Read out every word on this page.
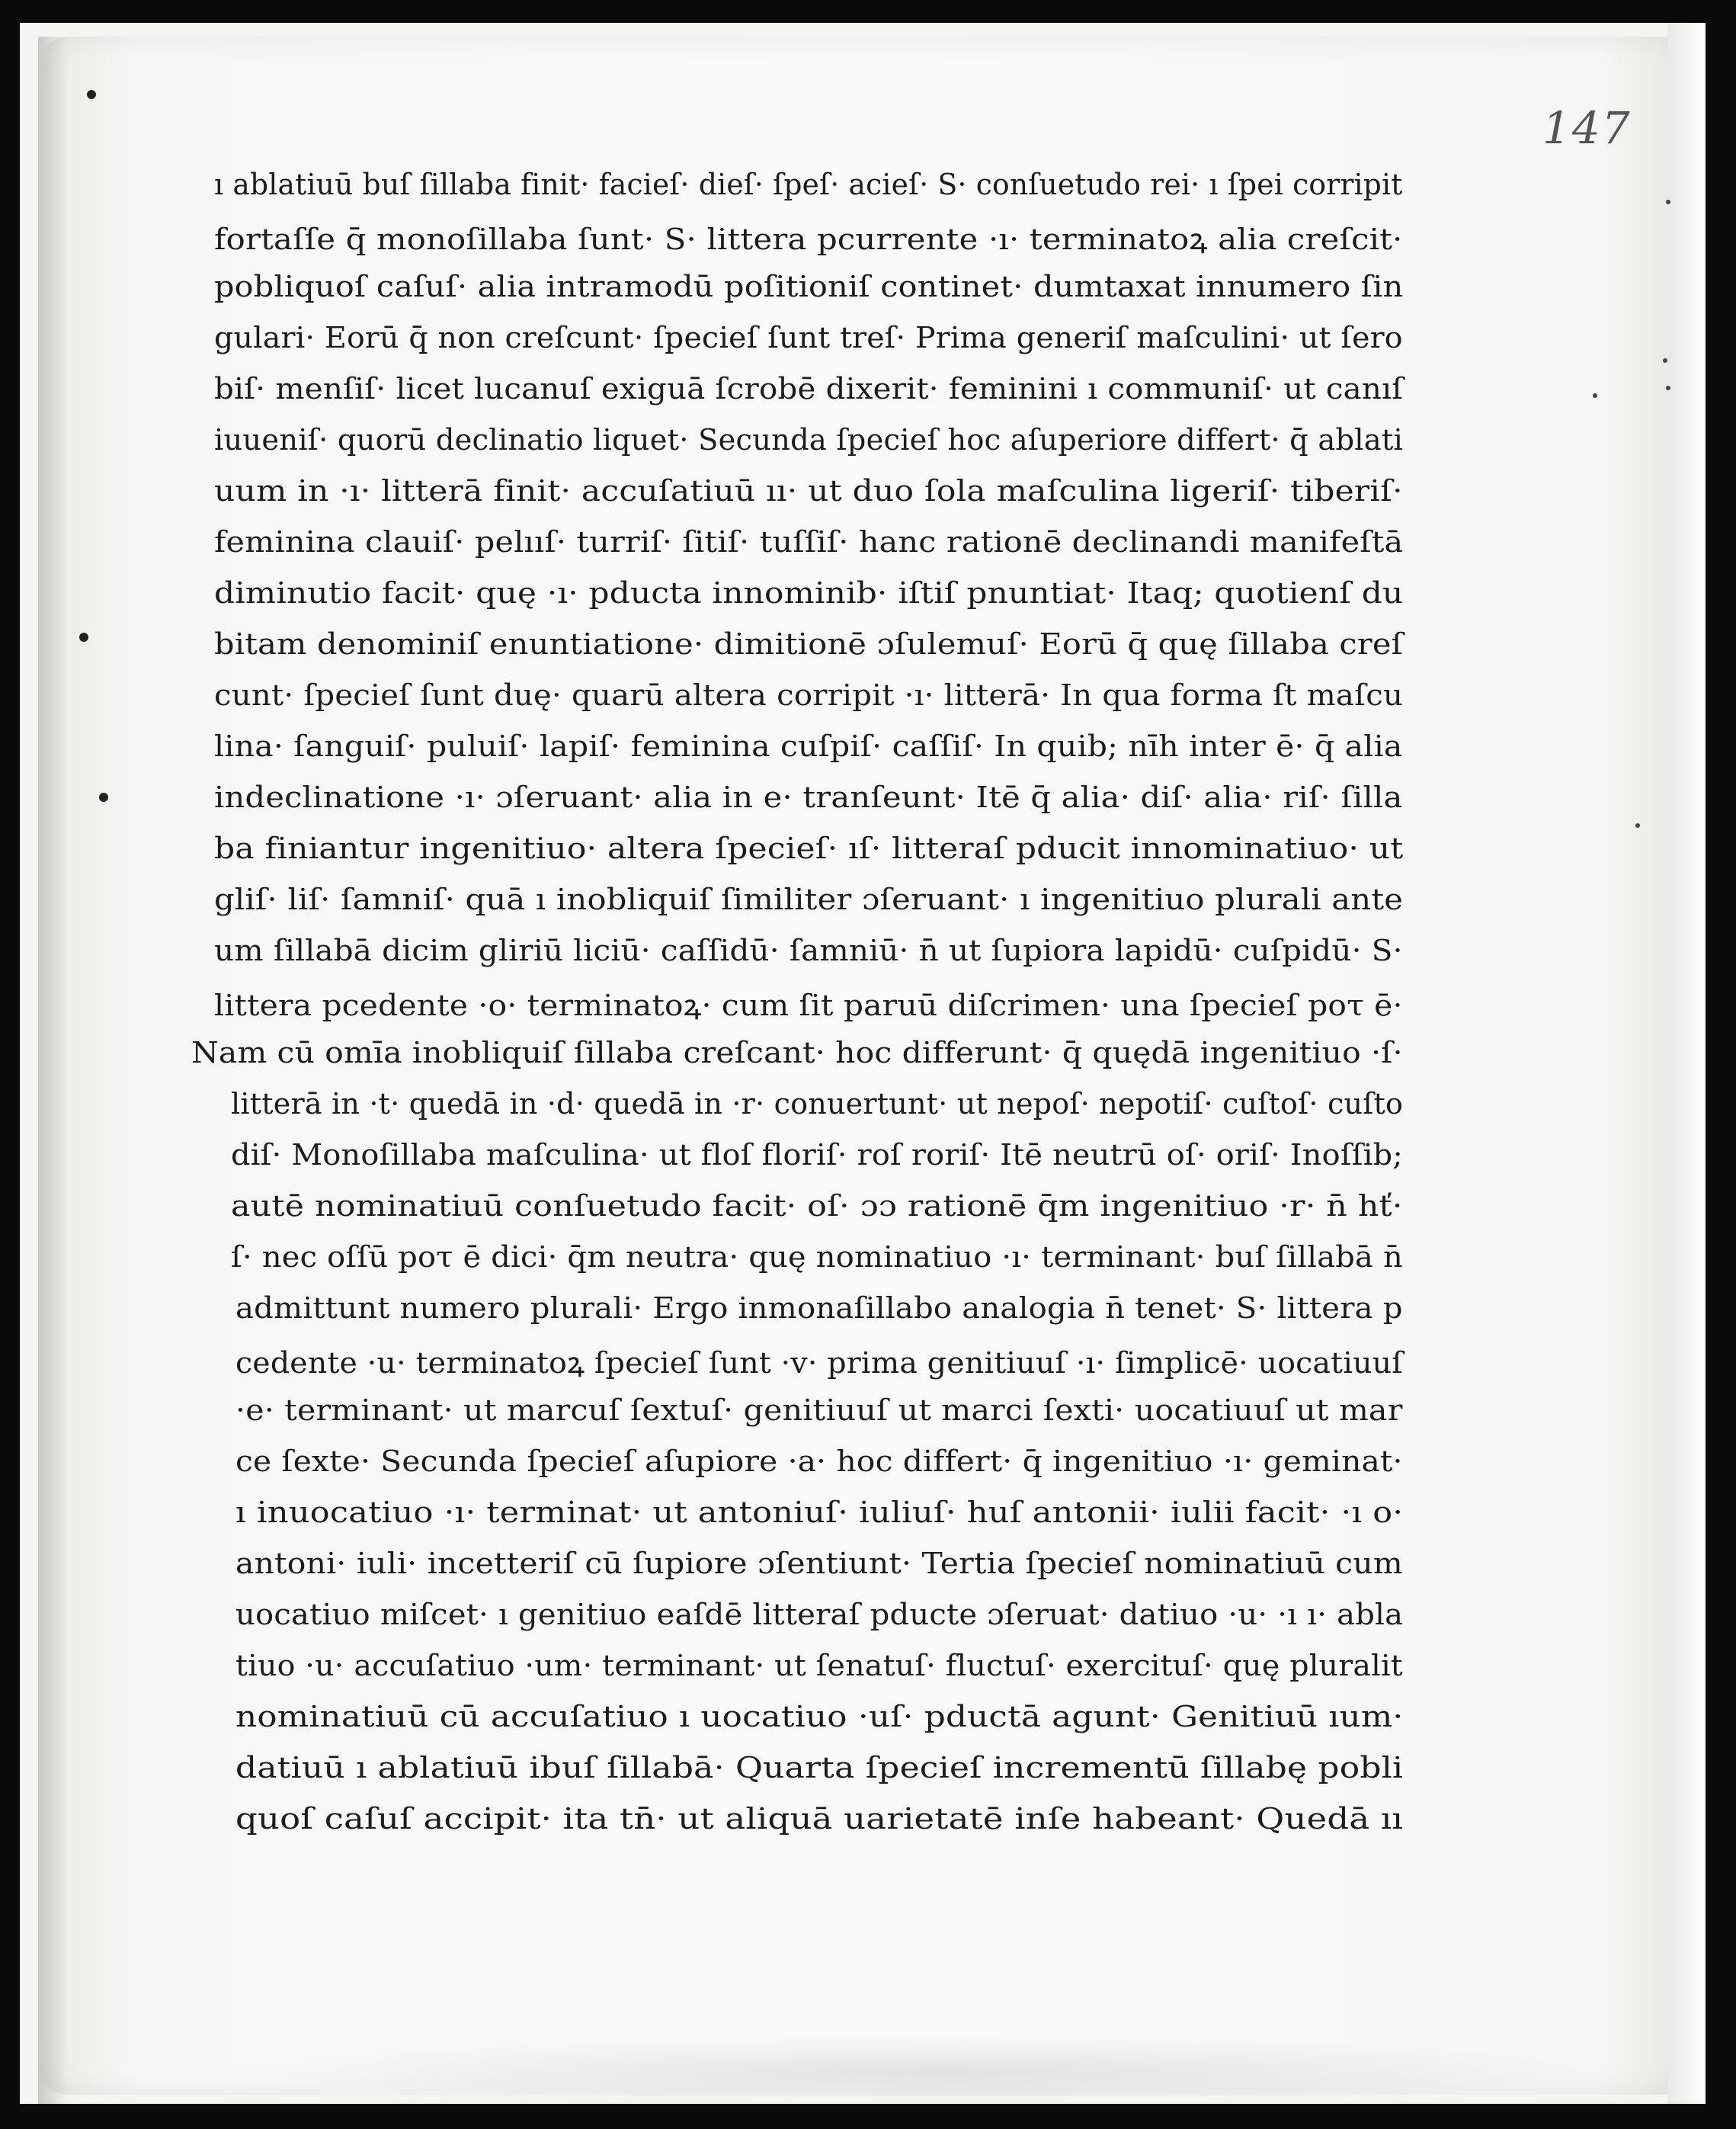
147
ı ablatiuū buſ ſillaba finit· facieſ· dieſ· ſpeſ· acieſ· S· conſuetudo rei· ı ſpei corripit
fortaſſe q̄ monoſillaba ſunt· S· littera pcurrente ·ı· terminatoꝝ alia creſcit·
pobliquoſ caſuſ· alia intramodū poſitioniſ continet· dumtaxat innumero ſin
gulari· Eorū q̄ non creſcunt· ſpecieſ ſunt treſ· Prima generiſ maſculini· ut ſero
biſ· menſiſ· licet lucanuſ exiguā ſcrobē dixerit· feminini ı communiſ· ut canıſ
iuueniſ· quorū declinatio liquet· Secunda ſpecieſ hoc aſuperiore differt· q̄ ablati
uum in ·ı· litterā finit· accuſatiuū ıı· ut duo ſola maſculina ligeriſ· tiberiſ·
feminina clauiſ· pelııſ· turriſ· ſitiſ· tuſſiſ· hanc rationē declinandi manifeſtā
diminutio facit· quę ·ı· pducta innominib· iſtiſ pnuntiat· Itaq; quotienſ du
bitam denominiſ enuntiatione· dimitionē ɔſulemuſ· Eorū q̄ quę ſillaba creſ
cunt· ſpecieſ ſunt duę· quarū altera corripit ·ı· litterā· In qua forma ſt maſcu
lina· ſanguiſ· puluiſ· lapiſ· feminina cuſpiſ· caſſiſ· In quib; nīh inter ē· q̄ alia
indeclinatione ·ı· ɔſeruant· alia in e· tranſeunt· Itē q̄ alia· diſ· alia· riſ· ſilla
ba finiantur ingenitiuo· altera ſpecieſ· ıſ· litteraſ pducit innominatiuo· ut
gliſ· liſ· ſamniſ· quā ı inobliquiſ ſimiliter ɔſeruant· ı ingenitiuo plurali ante
um ſillabā dicim gliriū liciū· caſſidū· ſamniū· n̄ ut ſupiora lapidū· cuſpidū· S·
littera pcedente ·o· terminatoꝝ· cum ſit paruū diſcrimen· una ſpecieſ poτ ē·
Nam cū omīa inobliquiſ ſillaba creſcant· hoc differunt· q̄ quędā ingenitiuo ·ſ·
litterā in ·t· quedā in ·d· quedā in ·r· conuertunt· ut nepoſ· nepotiſ· cuſtoſ· cuſto
diſ· Monoſillaba maſculina· ut floſ floriſ· roſ roriſ· Itē neutrū oſ· oriſ· Inoſſib;
autē nominatiuū conſuetudo facit· oſ· ɔɔ rationē q̄m ingenitiuo ·r· n̄ hť·
ſ· nec oſſū poτ ē dici· q̄m neutra· quę nominatiuo ·ı· terminant· buſ ſillabā n̄
admittunt numero plurali· Ergo inmonaſillabo analogia n̄ tenet· S· littera p
cedente ·u· terminatoꝝ ſpecieſ ſunt ·v· prima genitiuuſ ·ı· ſimplicē· uocatiuuſ
·e· terminant· ut marcuſ ſextuſ· genitiuuſ ut marci ſexti· uocatiuuſ ut mar
ce ſexte· Secunda ſpecieſ aſupiore ·a· hoc differt· q̄ ingenitiuo ·ı· geminat·
ı inuocatiuo ·ı· terminat· ut antoniuſ· iuliuſ· huſ antonii· iulii facit· ·ı o·
antoni· iuli· incetteriſ cū ſupiore ɔſentiunt· Tertia ſpecieſ nominatiuū cum
uocatiuo miſcet· ı genitiuo eaſdē litteraſ pducte ɔſeruat· datiuo ·u· ·ı ı· abla
tiuo ·u· accuſatiuo ·um· terminant· ut ſenatuſ· fluctuſ· exercituſ· quę pluralit
nominatiuū cū accuſatiuo ı uocatiuo ·uſ· pductā agunt· Genitiuū ıum·
datiuū ı ablatiuū ibuſ ſillabā· Quarta ſpecieſ incrementū ſillabę pobli
quoſ caſuſ accipit· ita tn̄· ut aliquā uarietatē inſe habeant· Quedā ıı
